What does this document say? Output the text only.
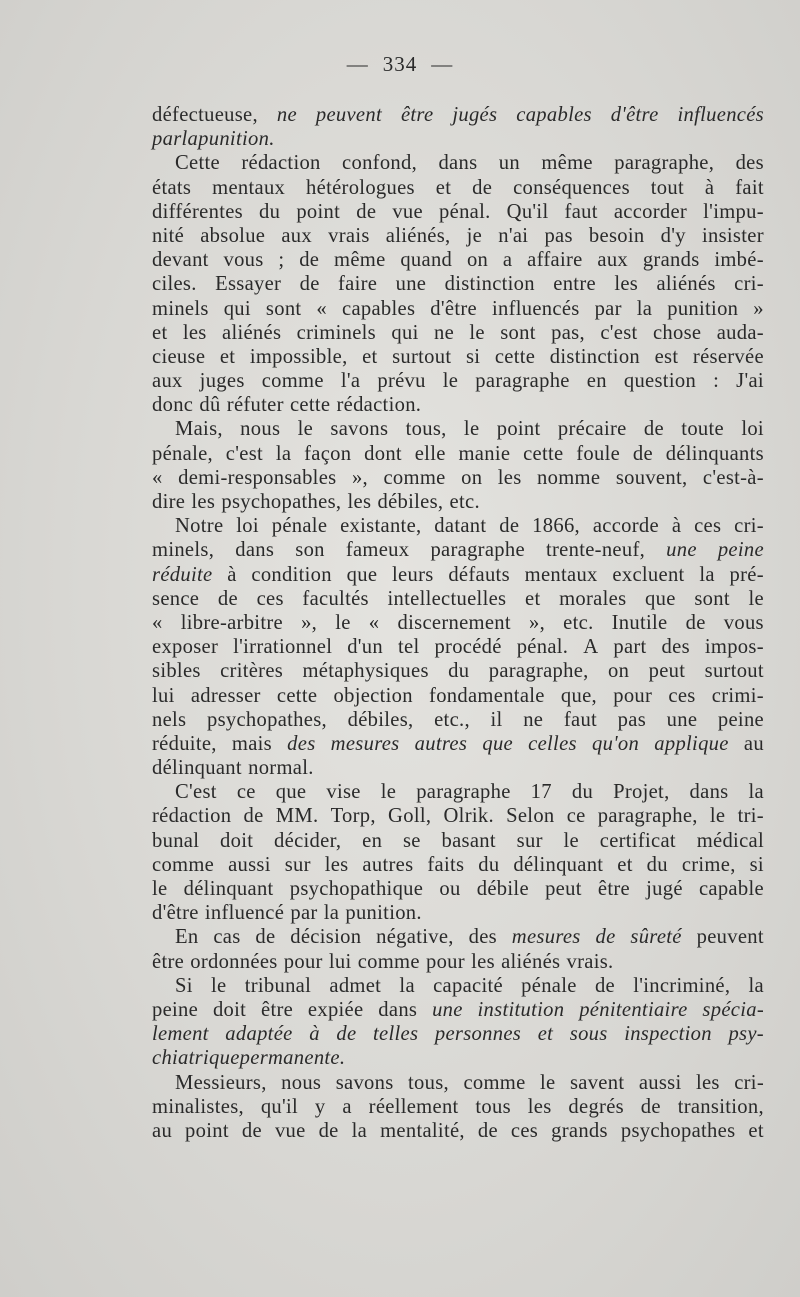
— 334 —
défectueuse, ne peuvent être jugés capables d'être influencés
par la punition.
Cette rédaction confond, dans un même paragraphe, des
états mentaux hétérologues et de conséquences tout à fait
différentes du point de vue pénal. Qu'il faut accorder l'impu-
nité absolue aux vrais aliénés, je n'ai pas besoin d'y insister
devant vous ; de même quand on a affaire aux grands imbé-
ciles. Essayer de faire une distinction entre les aliénés cri-
minels qui sont « capables d'être influencés par la punition »
et les aliénés criminels qui ne le sont pas, c'est chose auda-
cieuse et impossible, et surtout si cette distinction est réservée
aux juges comme l'a prévu le paragraphe en question : J'ai
donc dû réfuter cette rédaction.
Mais, nous le savons tous, le point précaire de toute loi
pénale, c'est la façon dont elle manie cette foule de délinquants
« demi-responsables », comme on les nomme souvent, c'est-à-
dire les psychopathes, les débiles, etc.
Notre loi pénale existante, datant de 1866, accorde à ces cri-
minels, dans son fameux paragraphe trente-neuf, une peine
réduite à condition que leurs défauts mentaux excluent la pré-
sence de ces facultés intellectuelles et morales que sont le
« libre-arbitre », le « discernement », etc. Inutile de vous
exposer l'irrationnel d'un tel procédé pénal. A part des impos-
sibles critères métaphysiques du paragraphe, on peut surtout
lui adresser cette objection fondamentale que, pour ces crimi-
nels psychopathes, débiles, etc., il ne faut pas une peine
réduite, mais des mesures autres que celles qu'on applique au
délinquant normal.
C'est ce que vise le paragraphe 17 du Projet, dans la
rédaction de MM. Torp, Goll, Olrik. Selon ce paragraphe, le tri-
bunal doit décider, en se basant sur le certificat médical
comme aussi sur les autres faits du délinquant et du crime, si
le délinquant psychopathique ou débile peut être jugé capable
d'être influencé par la punition.
En cas de décision négative, des mesures de sûreté peuvent
être ordonnées pour lui comme pour les aliénés vrais.
Si le tribunal admet la capacité pénale de l'incriminé, la
peine doit être expiée dans une institution pénitentiaire spécia-
lement adaptée à de telles personnes et sous inspection psy-
chiatrique permanente.
Messieurs, nous savons tous, comme le savent aussi les cri-
minalistes, qu'il y a réellement tous les degrés de transition,
au point de vue de la mentalité, de ces grands psychopathes et
